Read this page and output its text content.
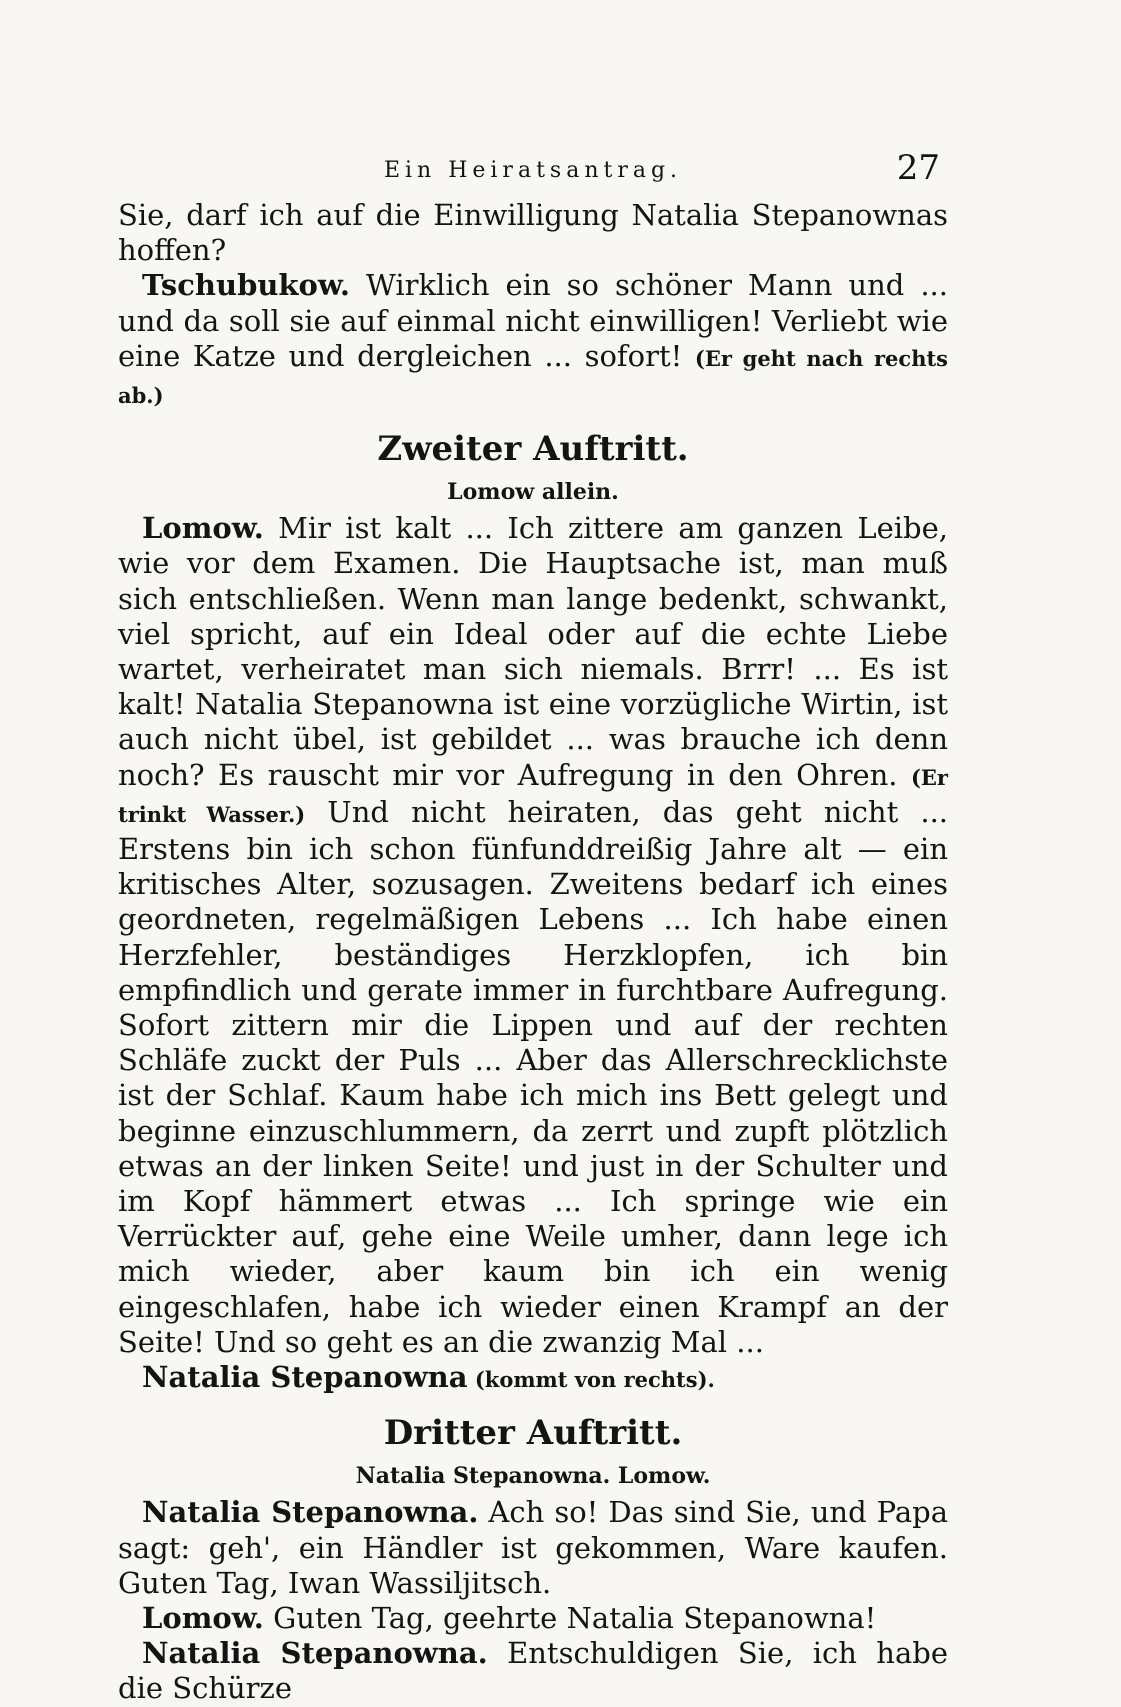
Ein Heiratsantrag.	27

Sie, darf ich auf die Einwilligung Natalia Stepanownas hoffen?

Tschubukow. Wirklich ein so schöner Mann und ... und da soll sie auf einmal nicht einwilligen! Verliebt wie eine Katze und dergleichen ... sofort! (Er geht nach rechts ab.)

Zweiter Auftritt.
Lomow allein.

Lomow. Mir ist kalt ... Ich zittere am ganzen Leibe, wie vor dem Examen. Die Hauptsache ist, man muß sich entschließen. Wenn man lange bedenkt, schwankt, viel spricht, auf ein Ideal oder auf die echte Liebe wartet, verheiratet man sich niemals. Brrr! ... Es ist kalt! Natalia Stepanowna ist eine vorzügliche Wirtin, ist auch nicht übel, ist gebildet ... was brauche ich denn noch? Es rauscht mir vor Aufregung in den Ohren. (Er trinkt Wasser.) Und nicht heiraten, das geht nicht ... Erstens bin ich schon fünfunddreißig Jahre alt — ein kritisches Alter, sozusagen. Zweitens bedarf ich eines geordneten, regelmäßigen Lebens ... Ich habe einen Herzfehler, beständiges Herzklopfen, ich bin empfindlich und gerate immer in furchtbare Aufregung. Sofort zittern mir die Lippen und auf der rechten Schläfe zuckt der Puls ... Aber das Allerschrecklichste ist der Schlaf. Kaum habe ich mich ins Bett gelegt und beginne einzuschlummern, da zerrt und zupft plötzlich etwas an der linken Seite! und just in der Schulter und im Kopf hämmert etwas ... Ich springe wie ein Verrückter auf, gehe eine Weile umher, dann lege ich mich wieder, aber kaum bin ich ein wenig eingeschlafen, habe ich wieder einen Krampf an der Seite! Und so geht es an die zwanzig Mal ...

Natalia Stepanowna (kommt von rechts).

Dritter Auftritt.
Natalia Stepanowna. Lomow.

Natalia Stepanowna. Ach so! Das sind Sie, und Papa sagt: geh', ein Händler ist gekommen, Ware kaufen. Guten Tag, Iwan Wassiljitsch.

Lomow. Guten Tag, geehrte Natalia Stepanowna!

Natalia Stepanowna. Entschuldigen Sie, ich habe die Schürze
